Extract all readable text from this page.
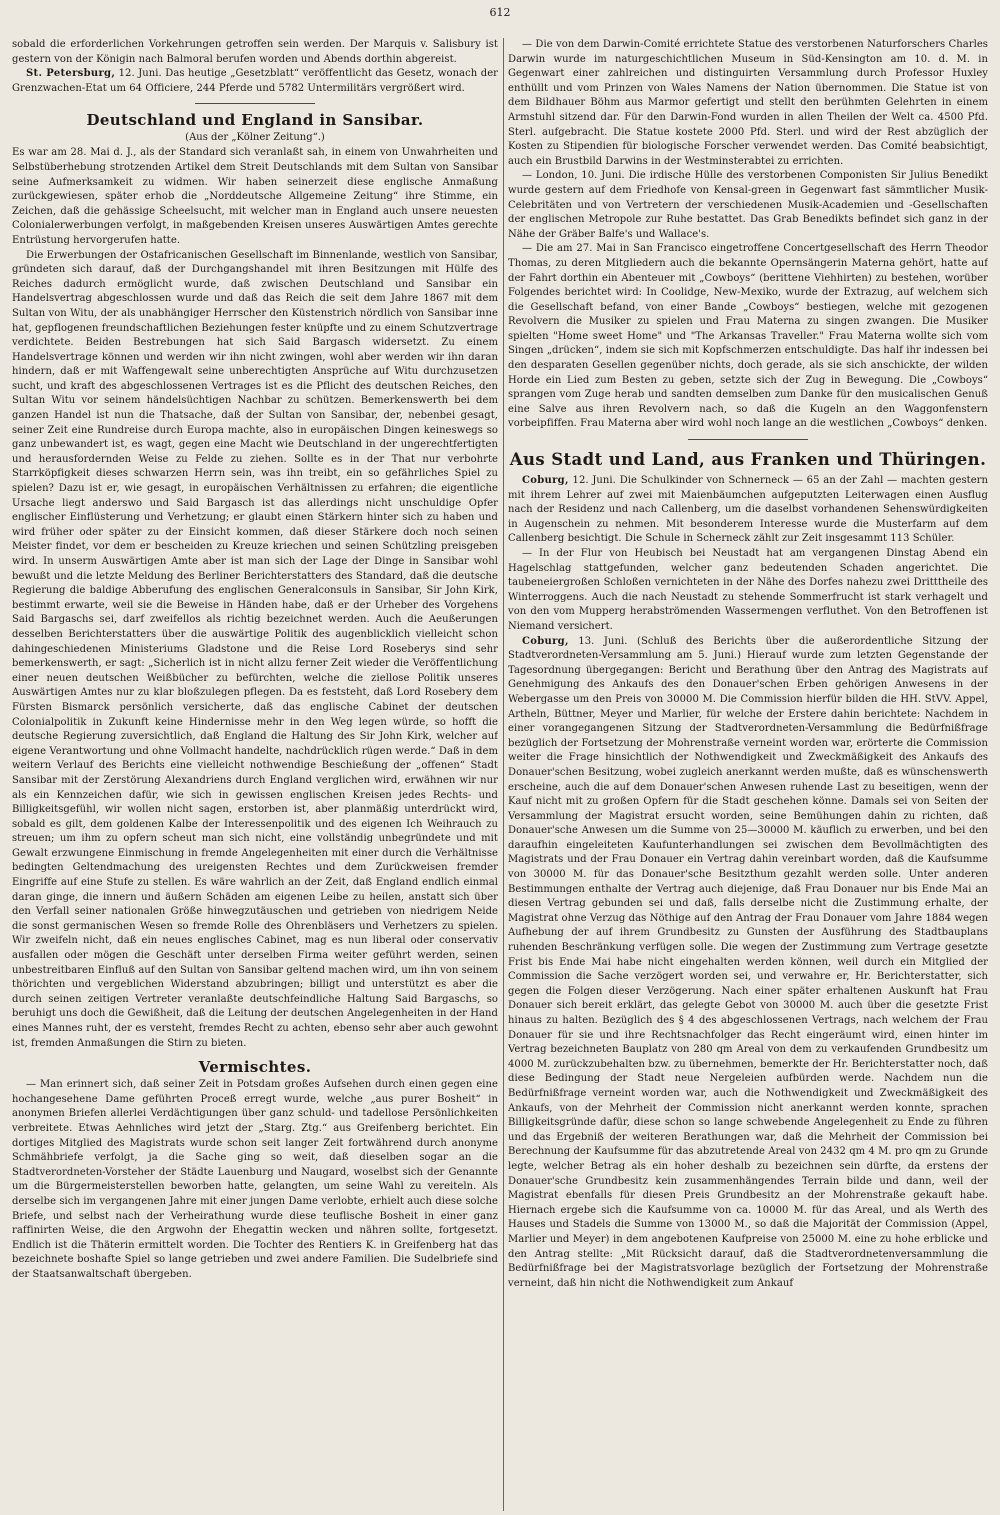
612

sobald die erforderlichen Vorkehrungen getroffen sein werden. Der Marquis v. Salisbury ist gestern von der Königin nach Balmoral berufen worden und Abends dorthin abgereist.

St. Petersburg, 12. Juni. Das heutige „Gesetzblatt“ veröffentlicht das Gesetz, wonach der Grenzwachen-Etat um 64 Officiere, 244 Pferde und 5782 Untermilitärs vergrößert wird.

Deutschland und England in Sansibar.
(Aus der „Kölner Zeitung“.)

Es war am 28. Mai d. J., als der Standard sich veranlaßt sah, in einem von Unwahrheiten und Selbstüberhebung strotzenden Artikel dem Streit Deutschlands mit dem Sultan von Sansibar seine Aufmerksamkeit zu widmen. Wir haben seinerzeit diese englische Anmaßung zurückgewiesen, später erhob die „Norddeutsche Allgemeine Zeitung“ ihre Stimme, ein Zeichen, daß die gehässige Scheelsucht, mit welcher man in England auch unsere neuesten Colonialerwerbungen verfolgt, in maßgebenden Kreisen unseres Auswärtigen Amtes gerechte Entrüstung hervorgerufen hatte.

Die Erwerbungen der Ostafricanischen Gesellschaft im Binnenlande, westlich von Sansibar, gründeten sich darauf, daß der Durchgangshandel mit ihren Besitzungen mit Hülfe des Reiches dadurch ermöglicht wurde, daß zwischen Deutschland und Sansibar ein Handelsvertrag abgeschlossen wurde und daß das Reich die seit dem Jahre 1867 mit dem Sultan von Witu, der als unabhängiger Herrscher den Küstenstrich nördlich von Sansibar inne hat, gepflogenen freundschaftlichen Beziehungen fester knüpfte und zu einem Schutzvertrage verdichtete. Beiden Bestrebungen hat sich Said Bargasch widersetzt. Zu einem Handelsvertrage können und werden wir ihn nicht zwingen, wohl aber werden wir ihn daran hindern, daß er mit Waffengewalt seine unberechtigten Ansprüche auf Witu durchzusetzen sucht, und kraft des abgeschlossenen Vertrages ist es die Pflicht des deutschen Reiches, den Sultan Witu vor seinem händelsüchtigen Nachbar zu schützen. Bemerkenswerth bei dem ganzen Handel ist nun die Thatsache, daß der Sultan von Sansibar, der, nebenbei gesagt, seiner Zeit eine Rundreise durch Europa machte, also in europäischen Dingen keineswegs so ganz unbewandert ist, es wagt, gegen eine Macht wie Deutschland in der ungerechtfertigten und herausfordernden Weise zu Felde zu ziehen. Sollte es in der That nur verbohrte Starrköpfigkeit dieses schwarzen Herrn sein, was ihn treibt, ein so gefährliches Spiel zu spielen? Dazu ist er, wie gesagt, in europäischen Verhältnissen zu erfahren; die eigentliche Ursache liegt anderswo und Said Bargasch ist das allerdings nicht unschuldige Opfer englischer Einflüsterung und Verhetzung; er glaubt einen Stärkern hinter sich zu haben und wird früher oder später zu der Einsicht kommen, daß dieser Stärkere doch noch seinen Meister findet, vor dem er bescheiden zu Kreuze kriechen und seinen Schützling preisgeben wird. In unserm Auswärtigen Amte aber ist man sich der Lage der Dinge in Sansibar wohl bewußt und die letzte Meldung des Berliner Berichterstatters des Standard, daß die deutsche Regierung die baldige Abberufung des englischen Generalconsuls in Sansibar, Sir John Kirk, bestimmt erwarte, weil sie die Beweise in Händen habe, daß er der Urheber des Vorgehens Said Bargaschs sei, darf zweifellos als richtig bezeichnet werden. Auch die Aeußerungen desselben Berichterstatters über die auswärtige Politik des augenblicklich vielleicht schon dahingeschiedenen Ministeriums Gladstone und die Reise Lord Roseberys sind sehr bemerkenswerth, er sagt: „Sicherlich ist in nicht allzu ferner Zeit wieder die Veröffentlichung einer neuen deutschen Weißbücher zu befürchten, welche die ziellose Politik unseres Auswärtigen Amtes nur zu klar bloßzulegen pflegen. Da es feststeht, daß Lord Rosebery dem Fürsten Bismarck persönlich versicherte, daß das englische Cabinet der deutschen Colonialpolitik in Zukunft keine Hindernisse mehr in den Weg legen würde, so hofft die deutsche Regierung zuversichtlich, daß England die Haltung des Sir John Kirk, welcher auf eigene Verantwortung und ohne Vollmacht handelte, nachdrücklich rügen werde.“ Daß in dem weitern Verlauf des Berichts eine vielleicht nothwendige Beschießung der „offenen“ Stadt Sansibar mit der Zerstörung Alexandriens durch England verglichen wird, erwähnen wir nur als ein Kennzeichen dafür, wie sich in gewissen englischen Kreisen jedes Rechts- und Billigkeitsgefühl, wir wollen nicht sagen, erstorben ist, aber planmäßig unterdrückt wird, sobald es gilt, dem goldenen Kalbe der Interessenpolitik und des eigenen Ich Weihrauch zu streuen; um ihm zu opfern scheut man sich nicht, eine vollständig unbegründete und mit Gewalt erzwungene Einmischung in fremde Angelegenheiten mit einer durch die Verhältnisse bedingten Geltendmachung des ureigensten Rechtes und dem Zurückweisen fremder Eingriffe auf eine Stufe zu stellen. Es wäre wahrlich an der Zeit, daß England endlich einmal daran ginge, die innern und äußern Schäden am eigenen Leibe zu heilen, anstatt sich über den Verfall seiner nationalen Größe hinwegzutäuschen und getrieben von niedrigem Neide die sonst germanischen Wesen so fremde Rolle des Ohrenbläsers und Verhetzers zu spielen. Wir zweifeln nicht, daß ein neues englisches Cabinet, mag es nun liberal oder conservativ ausfallen oder mögen die Geschäft unter derselben Firma weiter geführt werden, seinen unbestreitbaren Einfluß auf den Sultan von Sansibar geltend machen wird, um ihn von seinem thörichten und vergeblichen Widerstand abzubringen; billigt und unterstützt es aber die durch seinen zeitigen Vertreter veranlaßte deutschfeindliche Haltung Said Bargaschs, so beruhigt uns doch die Gewißheit, daß die Leitung der deutschen Angelegenheiten in der Hand eines Mannes ruht, der es versteht, fremdes Recht zu achten, ebenso sehr aber auch gewohnt ist, fremden Anmaßungen die Stirn zu bieten.

Vermischtes.

— Man erinnert sich, daß seiner Zeit in Potsdam großes Aufsehen durch einen gegen eine hochangesehene Dame geführten Proceß erregt wurde, welche „aus purer Bosheit“ in anonymen Briefen allerlei Verdächtigungen über ganz schuld- und tadellose Persönlichkeiten verbreitete. Etwas Aehnliches wird jetzt der „Starg. Ztg.“ aus Greifenberg berichtet. Ein dortiges Mitglied des Magistrats wurde schon seit langer Zeit fortwährend durch anonyme Schmähbriefe verfolgt, ja die Sache ging so weit, daß dieselben sogar an die Stadtverordneten-Vorsteher der Städte Lauenburg und Naugard, woselbst sich der Genannte um die Bürgermeisterstellen beworben hatte, gelangten, um seine Wahl zu vereiteln. Als derselbe sich im vergangenen Jahre mit einer jungen Dame verlobte, erhielt auch diese solche Briefe, und selbst nach der Verheirathung wurde diese teuflische Bosheit in einer ganz raffinirten Weise, die den Argwohn der Ehegattin wecken und nähren sollte, fortgesetzt. Endlich ist die Thäterin ermittelt worden. Die Tochter des Rentiers K. in Greifenberg hat das bezeichnete boshafte Spiel so lange getrieben und zwei andere Familien. Die Sudelbriefe sind der Staatsanwaltschaft übergeben.

— Die von dem Darwin-Comité errichtete Statue des verstorbenen Naturforschers Charles Darwin wurde im naturgeschichtlichen Museum in Süd-Kensington am 10. d. M. in Gegenwart einer zahlreichen und distinguirten Versammlung durch Professor Huxley enthüllt und vom Prinzen von Wales Namens der Nation übernommen. Die Statue ist von dem Bildhauer Böhm aus Marmor gefertigt und stellt den berühmten Gelehrten in einem Armstuhl sitzend dar. Für den Darwin-Fond wurden in allen Theilen der Welt ca. 4500 Pfd. Sterl. aufgebracht. Die Statue kostete 2000 Pfd. Sterl. und wird der Rest abzüglich der Kosten zu Stipendien für biologische Forscher verwendet werden. Das Comité beabsichtigt, auch ein Brustbild Darwins in der Westminsterabtei zu errichten.

— London, 10. Juni. Die irdische Hülle des verstorbenen Componisten Sir Julius Benedikt wurde gestern auf dem Friedhofe von Kensal-green in Gegenwart fast sämmtlicher Musik-Celebritäten und von Vertretern der verschiedenen Musik-Academien und -Gesellschaften der englischen Metropole zur Ruhe bestattet. Das Grab Benedikts befindet sich ganz in der Nähe der Gräber Balfe's und Wallace's.

— Die am 27. Mai in San Francisco eingetroffene Concertgesellschaft des Herrn Theodor Thomas, zu deren Mitgliedern auch die bekannte Opernsängerin Materna gehört, hatte auf der Fahrt dorthin ein Abenteuer mit „Cowboys“ (berittene Viehhirten) zu bestehen, worüber Folgendes berichtet wird: In Coolidge, New-Mexiko, wurde der Extrazug, auf welchem sich die Gesellschaft befand, von einer Bande „Cowboys“ bestiegen, welche mit gezogenen Revolvern die Musiker zu spielen und Frau Materna zu singen zwangen. Die Musiker spielten "Home sweet Home" und "The Arkansas Traveller." Frau Materna wollte sich vom Singen „drücken“, indem sie sich mit Kopfschmerzen entschuldigte. Das half ihr indessen bei den desparaten Gesellen gegenüber nichts, doch gerade, als sie sich anschickte, der wilden Horde ein Lied zum Besten zu geben, setzte sich der Zug in Bewegung. Die „Cowboys“ sprangen vom Zuge herab und sandten demselben zum Danke für den musicalischen Genuß eine Salve aus ihren Revolvern nach, so daß die Kugeln an den Waggonfenstern vorbeipfiffen. Frau Materna aber wird wohl noch lange an die westlichen „Cowboys“ denken.

Aus Stadt und Land, aus Franken und Thüringen.

Coburg, 12. Juni. Die Schulkinder von Schnerneck — 65 an der Zahl — machten gestern mit ihrem Lehrer auf zwei mit Maienbäumchen aufgeputzten Leiterwagen einen Ausflug nach der Residenz und nach Callenberg, um die daselbst vorhandenen Sehenswürdigkeiten in Augenschein zu nehmen. Mit besonderem Interesse wurde die Musterfarm auf dem Callenberg besichtigt. Die Schule in Scherneck zählt zur Zeit insgesammt 113 Schüler.

— In der Flur von Heubisch bei Neustadt hat am vergangenen Dinstag Abend ein Hagelschlag stattgefunden, welcher ganz bedeutenden Schaden angerichtet. Die taubeneiergroßen Schloßen vernichteten in der Nähe des Dorfes nahezu zwei Dritttheile des Winterroggens. Auch die nach Neustadt zu stehende Sommerfrucht ist stark verhagelt und von den vom Mupperg herabströmenden Wassermengen verfluthet. Von den Betroffenen ist Niemand versichert.

Coburg, 13. Juni. (Schluß des Berichts über die außerordentliche Sitzung der Stadtverordneten-Versammlung am 5. Juni.) Hierauf wurde zum letzten Gegenstande der Tagesordnung übergegangen: Bericht und Berathung über den Antrag des Magistrats auf Genehmigung des Ankaufs des den Donauer'schen Erben gehörigen Anwesens in der Webergasse um den Preis von 30000 M. Die Commission hierfür bilden die HH. StVV. Appel, Artheln, Büttner, Meyer und Marlier, für welche der Erstere dahin berichtete: Nachdem in einer vorangegangenen Sitzung der Stadtverordneten-Versammlung die Bedürfnißfrage bezüglich der Fortsetzung der Mohrenstraße verneint worden war, erörterte die Commission weiter die Frage hinsichtlich der Nothwendigkeit und Zweckmäßigkeit des Ankaufs des Donauer'schen Besitzung, wobei zugleich anerkannt werden mußte, daß es wünschenswerth erscheine, auch die auf dem Donauer'schen Anwesen ruhende Last zu beseitigen, wenn der Kauf nicht mit zu großen Opfern für die Stadt geschehen könne. Damals sei von Seiten der Versammlung der Magistrat ersucht worden, seine Bemühungen dahin zu richten, daß Donauer'sche Anwesen um die Summe von 25—30000 M. käuflich zu erwerben, und bei den daraufhin eingeleiteten Kaufunterhandlungen sei zwischen dem Bevollmächtigten des Magistrats und der Frau Donauer ein Vertrag dahin vereinbart worden, daß die Kaufsumme von 30000 M. für das Donauer'sche Besitzthum gezahlt werden solle. Unter anderen Bestimmungen enthalte der Vertrag auch diejenige, daß Frau Donauer nur bis Ende Mai an diesen Vertrag gebunden sei und daß, falls derselbe nicht die Zustimmung erhalte, der Magistrat ohne Verzug das Nöthige auf den Antrag der Frau Donauer vom Jahre 1884 wegen Aufhebung der auf ihrem Grundbesitz zu Gunsten der Ausführung des Stadtbauplans ruhenden Beschränkung verfügen solle. Die wegen der Zustimmung zum Vertrage gesetzte Frist bis Ende Mai habe nicht eingehalten werden können, weil durch ein Mitglied der Commission die Sache verzögert worden sei, und verwahre er, Hr. Berichterstatter, sich gegen die Folgen dieser Verzögerung. Nach einer später erhaltenen Auskunft hat Frau Donauer sich bereit erklärt, das gelegte Gebot von 30000 M. auch über die gesetzte Frist hinaus zu halten. Bezüglich des § 4 des abgeschlossenen Vertrags, nach welchem der Frau Donauer für sie und ihre Rechtsnachfolger das Recht eingeräumt wird, einen hinter im Vertrag bezeichneten Bauplatz von 280 qm Areal von dem zu verkaufenden Grundbesitz um 4000 M. zurückzubehalten bzw. zu übernehmen, bemerkte der Hr. Berichterstatter noch, daß diese Bedingung der Stadt neue Nergeleien aufbürden werde. Nachdem nun die Bedürfnißfrage verneint worden war, auch die Nothwendigkeit und Zweckmäßigkeit des Ankaufs, von der Mehrheit der Commission nicht anerkannt werden konnte, sprachen Billigkeitsgründe dafür, diese schon so lange schwebende Angelegenheit zu Ende zu führen und das Ergebniß der weiteren Berathungen war, daß die Mehrheit der Commission bei Berechnung der Kaufsumme für das abzutretende Areal von 2432 qm 4 M. pro qm zu Grunde legte, welcher Betrag als ein hoher deshalb zu bezeichnen sein dürfte, da erstens der Donauer'sche Grundbesitz kein zusammenhängendes Terrain bilde und dann, weil der Magistrat ebenfalls für diesen Preis Grundbesitz an der Mohrenstraße gekauft habe. Hiernach ergebe sich die Kaufsumme von ca. 10000 M. für das Areal, und als Werth des Hauses und Stadels die Summe von 13000 M., so daß die Majorität der Commission (Appel, Marlier und Meyer) in dem angebotenen Kaufpreise von 25000 M. eine zu hohe erblicke und den Antrag stellte: „Mit Rücksicht darauf, daß die Stadtverordnetenversammlung die Bedürfnißfrage bei der Magistratsvorlage bezüglich der Fortsetzung der Mohrenstraße verneint, daß hin nicht die Nothwendigkeit zum Ankauf
